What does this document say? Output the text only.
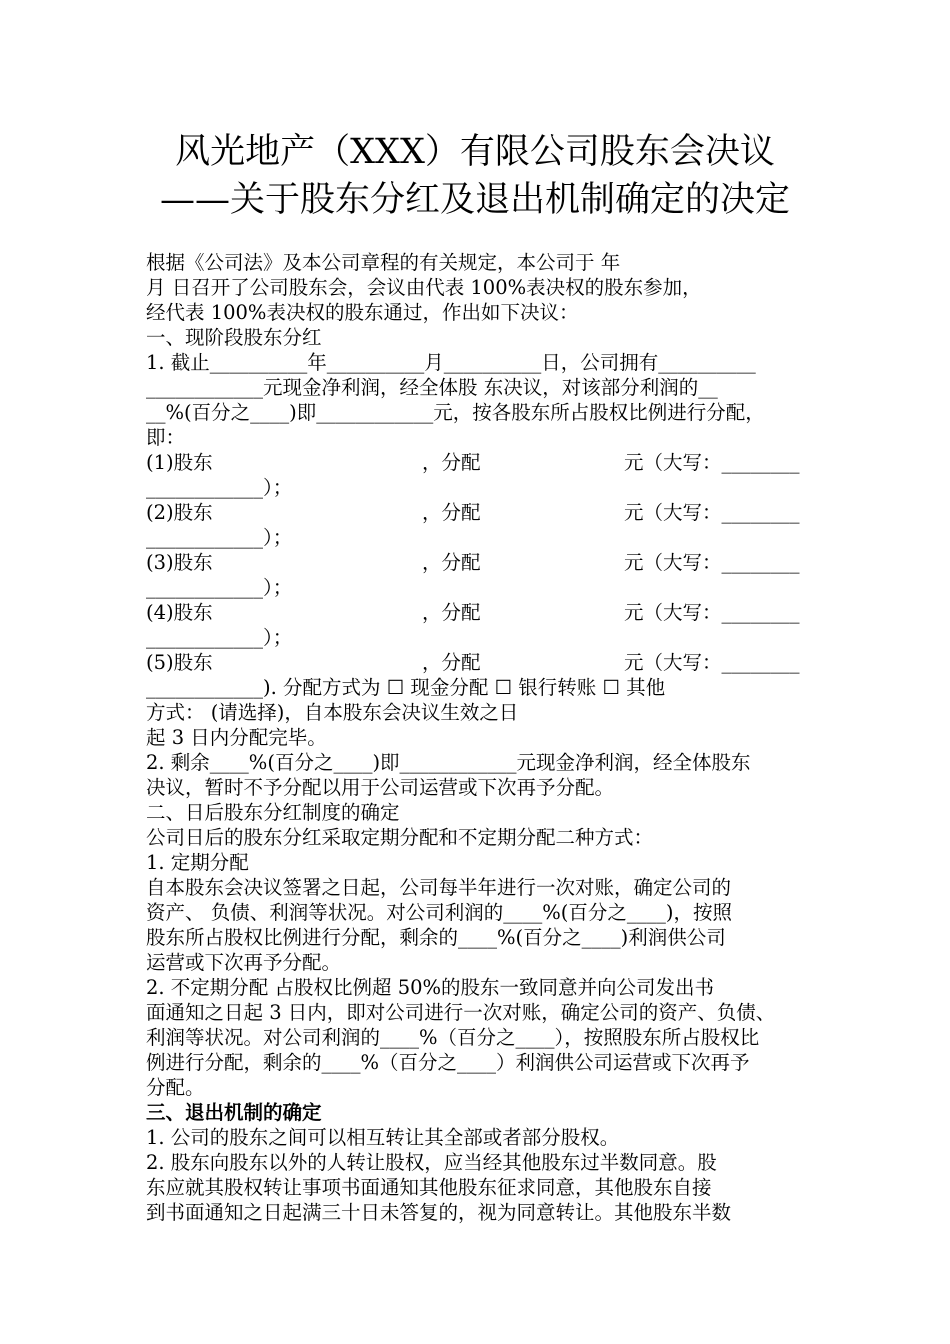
风光地产（XXX）有限公司股东会决议
——关于股东分红及退出机制确定的决定
根据《公司法》及本公司章程的有关规定，本公司于 年
月 日召开了公司股东会，会议由代表 100%表决权的股东参加，
经代表 100%表决权的股东通过，作出如下决议：
一、现阶段股东分红
1. 截止__________年__________月__________日，公司拥有__________
____________元现金净利润，经全体股 东决议，对该部分利润的__
__%(百分之____)即____________元，按各股东所占股权比例进行分配，
即：
(1)股东	，分配	元（大写：________
____________）；
(2)股东	，分配	元（大写：________
____________）；
(3)股东	，分配	元（大写：________
____________）；
(4)股东	，分配	元（大写：________
____________）；
(5)股东	，分配	元（大写：________
____________). 分配方式为 ☐ 现金分配 ☐ 银行转账 ☐ 其他
方式： (请选择)，自本股东会决议生效之日
起 3 日内分配完毕。
2. 剩余____%(百分之____)即____________元现金净利润，经全体股东
决议，暂时不予分配以用于公司运营或下次再予分配。
二、日后股东分红制度的确定
公司日后的股东分红采取定期分配和不定期分配二种方式：
1. 定期分配
自本股东会决议签署之日起，公司每半年进行一次对账，确定公司的
资产、 负债、利润等状况。对公司利润的____%(百分之____)，按照
股东所占股权比例进行分配，剩余的____%(百分之____)利润供公司
运营或下次再予分配。
2. 不定期分配 占股权比例超 50%的股东一致同意并向公司发出书
面通知之日起 3 日内，即对公司进行一次对账，确定公司的资产、负债、
利润等状况。对公司利润的____%（百分之____），按照股东所占股权比
例进行分配，剩余的____%（百分之____）利润供公司运营或下次再予
分配。
三、退出机制的确定
1. 公司的股东之间可以相互转让其全部或者部分股权。
2. 股东向股东以外的人转让股权，应当经其他股东过半数同意。股
东应就其股权转让事项书面通知其他股东征求同意，其他股东自接
到书面通知之日起满三十日未答复的，视为同意转让。其他股东半数
